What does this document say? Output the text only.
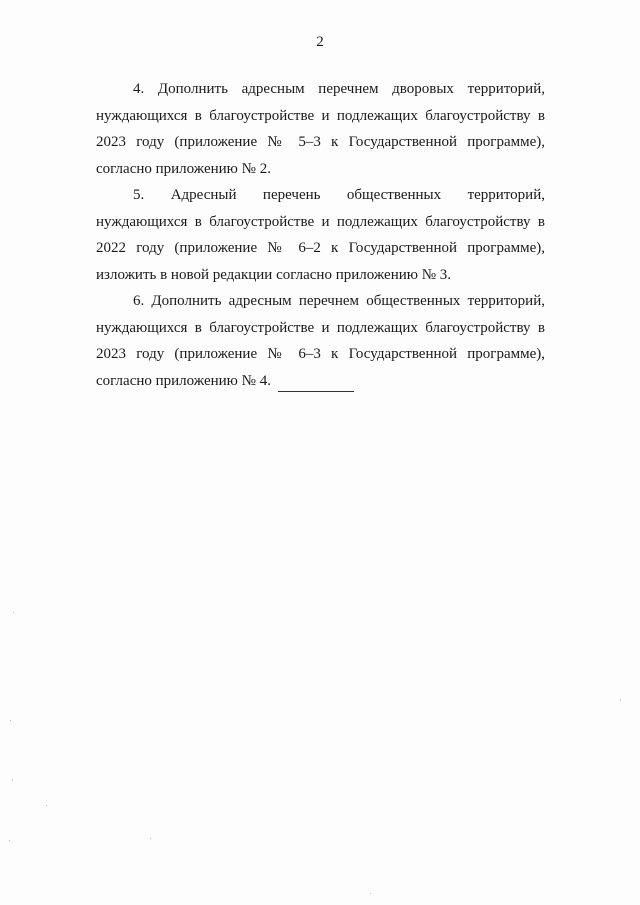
2

4. Дополнить адресным перечнем дворовых территорий, нуждающихся в благоустройстве и подлежащих благоустройству в 2023 году (приложение № 5–3 к Государственной программе), согласно приложению № 2.

5. Адресный перечень общественных территорий, нуждающихся в благоустройстве и подлежащих благоустройству в 2022 году (приложение № 6–2 к Государственной программе), изложить в новой редакции согласно приложению № 3.

6. Дополнить адресным перечнем общественных территорий, нуждающихся в благоустройстве и подлежащих благоустройству в 2023 году (приложение № 6–3 к Государственной программе), согласно приложению № 4.
